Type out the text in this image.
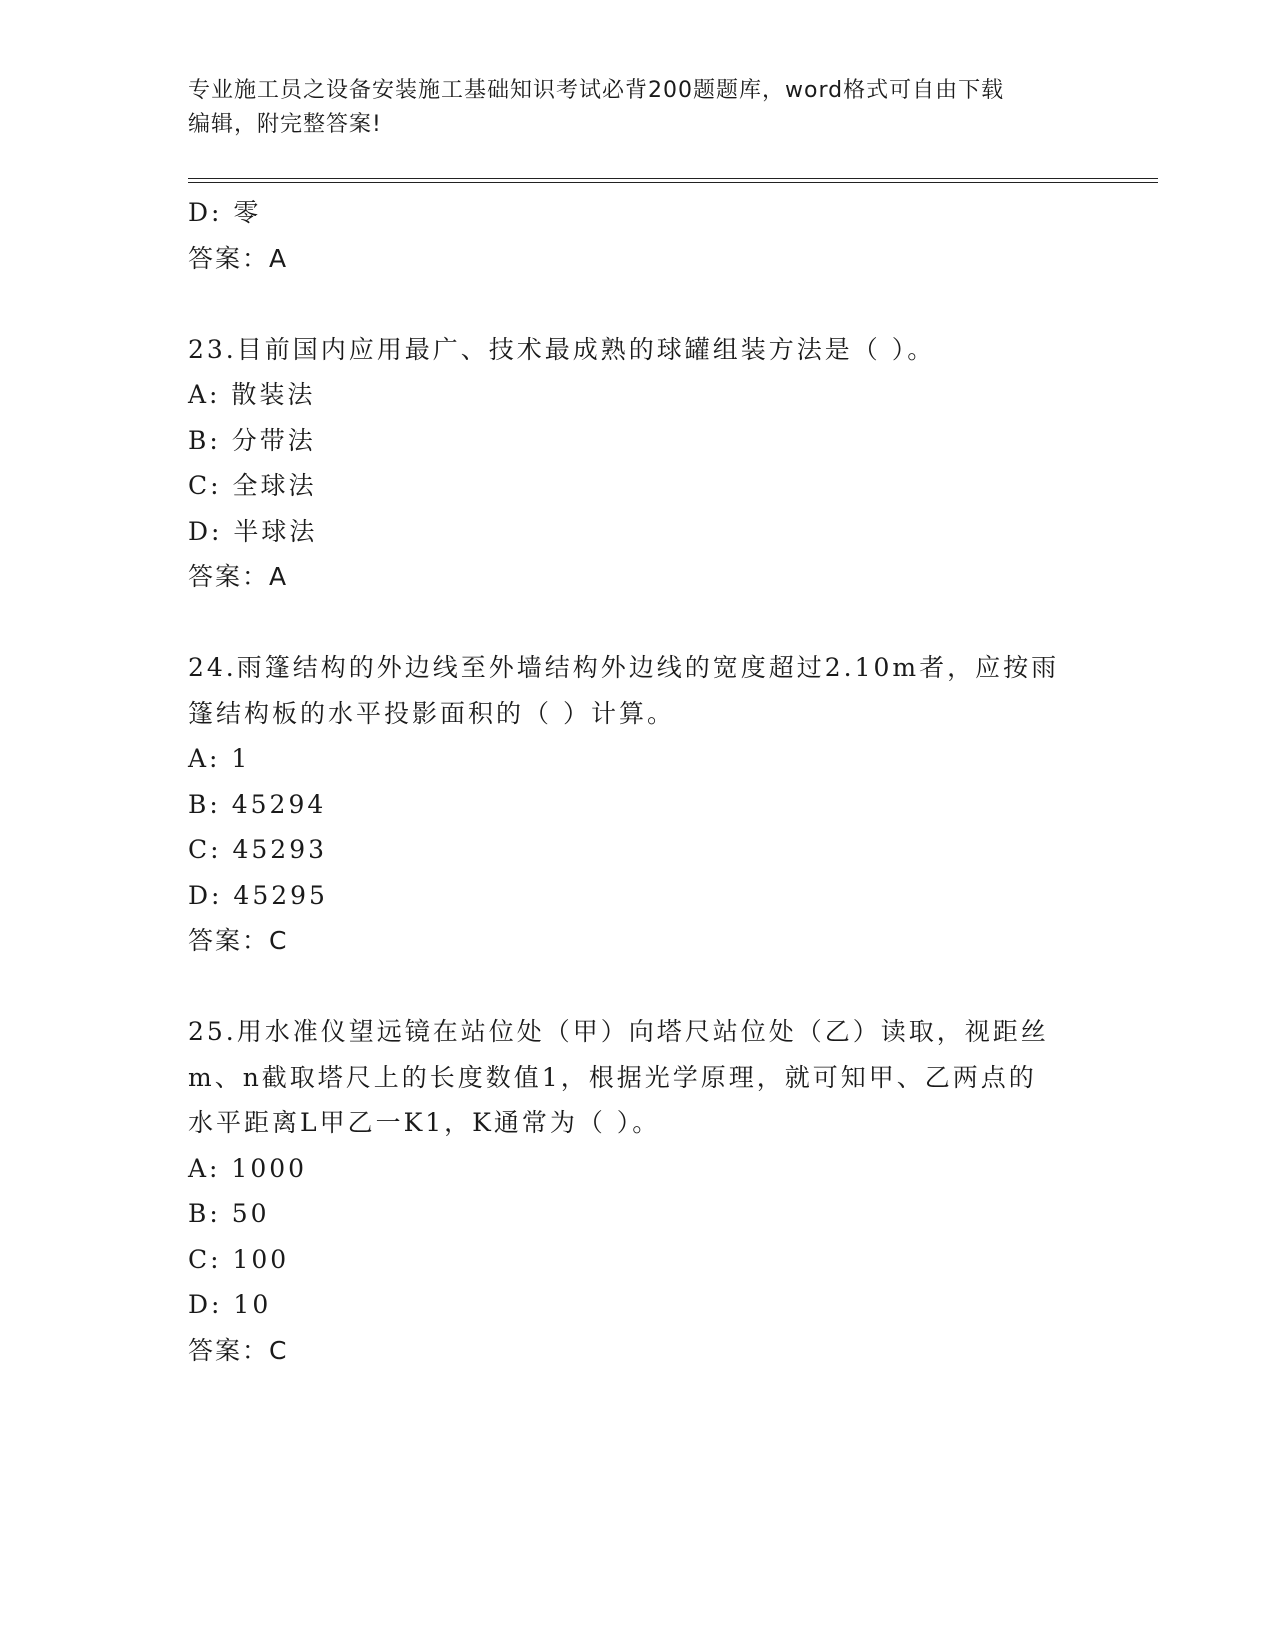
专业施工员之设备安装施工基础知识考试必背200题题库，word格式可自由下载
编辑，附完整答案!
D: 零
答案：A
23.目前国内应用最广、技术最成熟的球罐组装方法是（ ）。
A: 散装法
B: 分带法
C: 全球法
D: 半球法
答案：A
24.雨篷结构的外边线至外墙结构外边线的宽度超过2.10m者，应按雨
篷结构板的水平投影面积的（ ）计算。
A: 1
B: 45294
C: 45293
D: 45295
答案：C
25.用水准仪望远镜在站位处（甲）向塔尺站位处（乙）读取，视距丝
m、n截取塔尺上的长度数值1，根据光学原理，就可知甲、乙两点的
水平距离L甲乙一K1，K通常为（ ）。
A: 1000
B: 50
C: 100
D: 10
答案：C
